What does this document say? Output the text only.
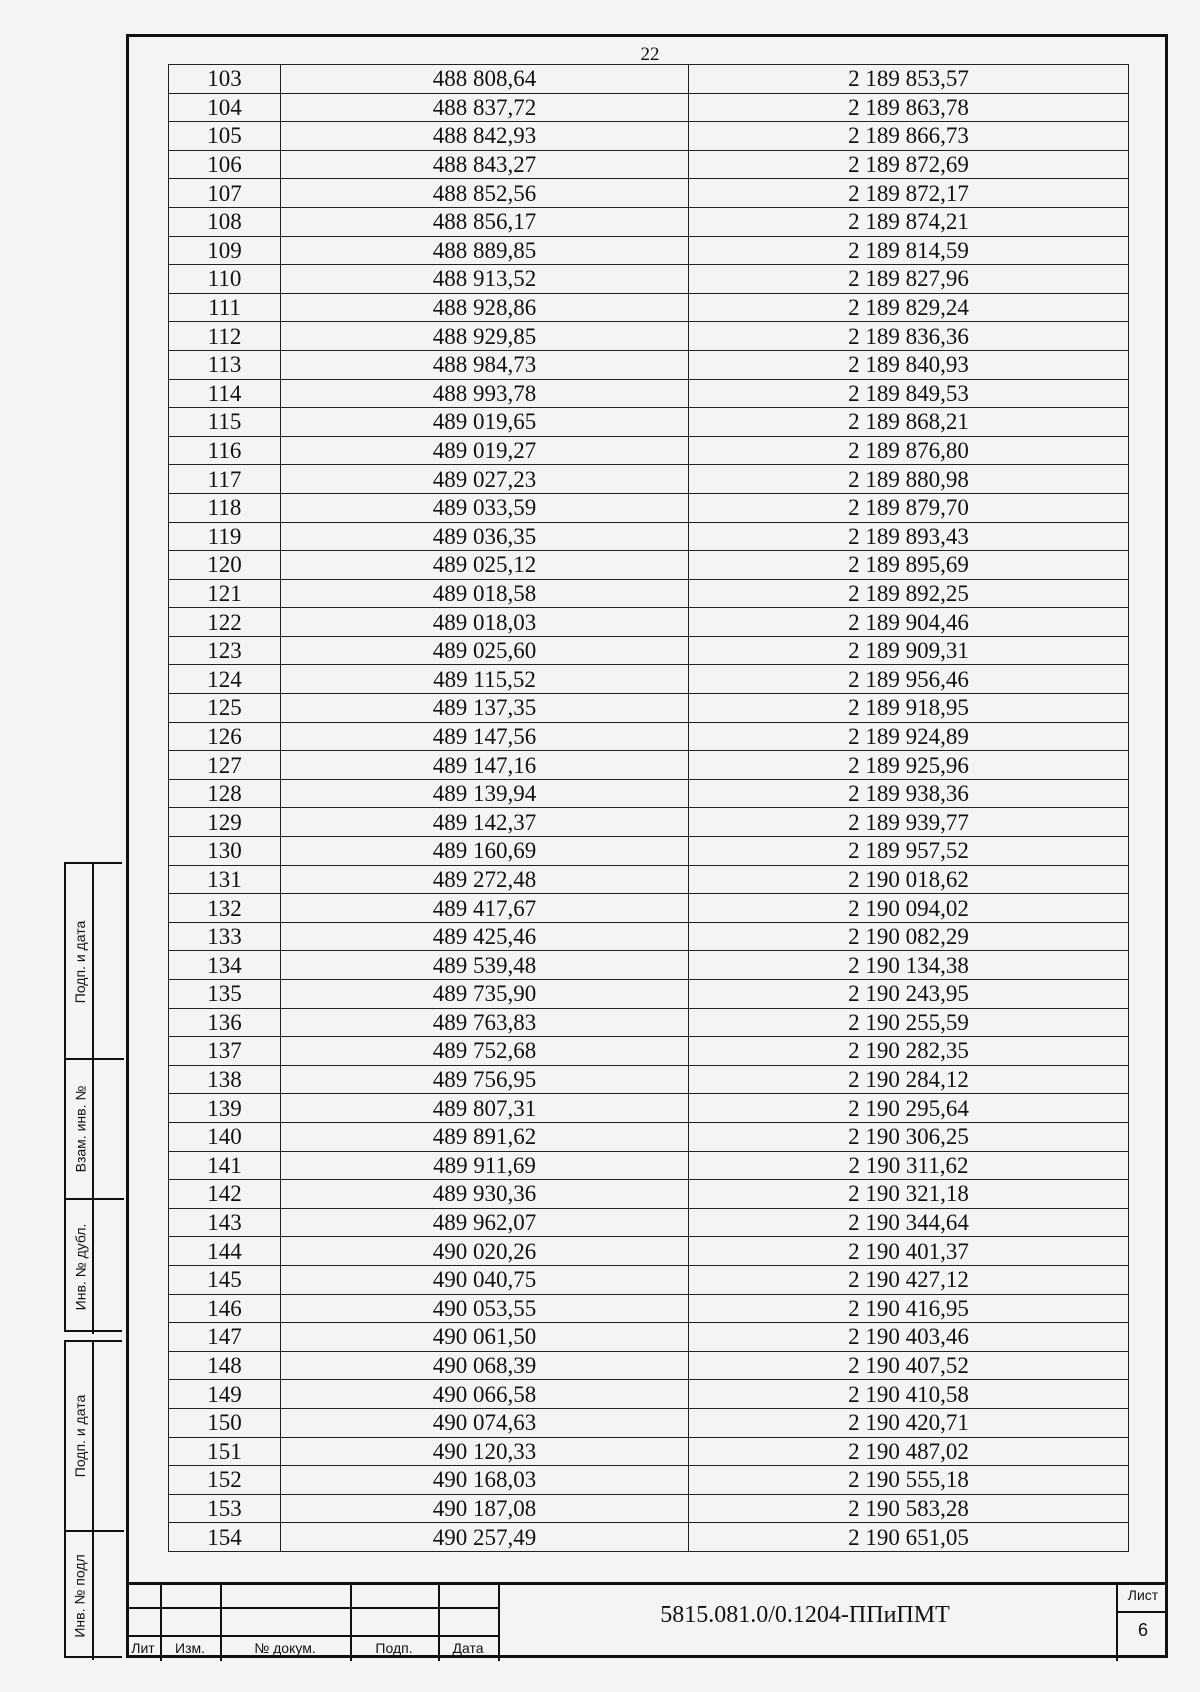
22
103	488 808,64	2 189 853,57
104	488 837,72	2 189 863,78
105	488 842,93	2 189 866,73
106	488 843,27	2 189 872,69
107	488 852,56	2 189 872,17
108	488 856,17	2 189 874,21
109	488 889,85	2 189 814,59
110	488 913,52	2 189 827,96
111	488 928,86	2 189 829,24
112	488 929,85	2 189 836,36
113	488 984,73	2 189 840,93
114	488 993,78	2 189 849,53
115	489 019,65	2 189 868,21
116	489 019,27	2 189 876,80
117	489 027,23	2 189 880,98
118	489 033,59	2 189 879,70
119	489 036,35	2 189 893,43
120	489 025,12	2 189 895,69
121	489 018,58	2 189 892,25
122	489 018,03	2 189 904,46
123	489 025,60	2 189 909,31
124	489 115,52	2 189 956,46
125	489 137,35	2 189 918,95
126	489 147,56	2 189 924,89
127	489 147,16	2 189 925,96
128	489 139,94	2 189 938,36
129	489 142,37	2 189 939,77
130	489 160,69	2 189 957,52
131	489 272,48	2 190 018,62
132	489 417,67	2 190 094,02
133	489 425,46	2 190 082,29
134	489 539,48	2 190 134,38
135	489 735,90	2 190 243,95
136	489 763,83	2 190 255,59
137	489 752,68	2 190 282,35
138	489 756,95	2 190 284,12
139	489 807,31	2 190 295,64
140	489 891,62	2 190 306,25
141	489 911,69	2 190 311,62
142	489 930,36	2 190 321,18
143	489 962,07	2 190 344,64
144	490 020,26	2 190 401,37
145	490 040,75	2 190 427,12
146	490 053,55	2 190 416,95
147	490 061,50	2 190 403,46
148	490 068,39	2 190 407,52
149	490 066,58	2 190 410,58
150	490 074,63	2 190 420,71
151	490 120,33	2 190 487,02
152	490 168,03	2 190 555,18
153	490 187,08	2 190 583,28
154	490 257,49	2 190 651,05
Подп. и дата
Взам. инв. №
Инв. № дубл.
Подп. и дата
Инв. № подл
Лит	Изм.	№ докум.	Подп.	Дата
5815.081.0/0.1204-ППиПМТ
Лист
6
